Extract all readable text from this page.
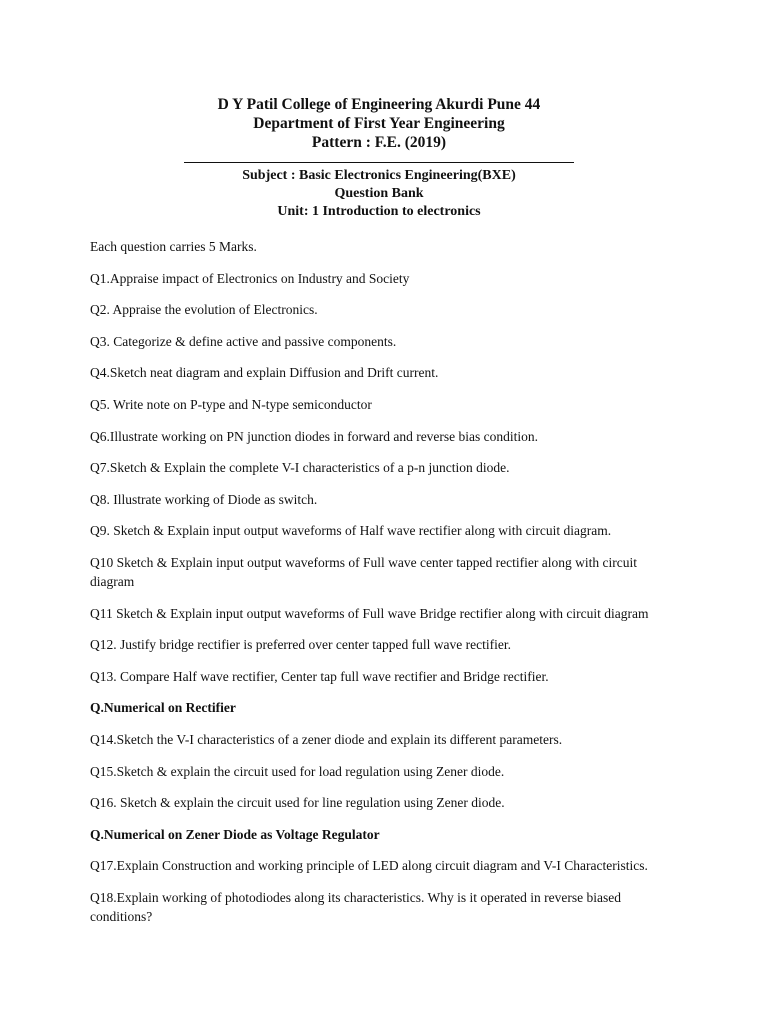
D Y Patil College of Engineering Akurdi Pune 44
Department of First Year Engineering
Pattern : F.E. (2019)
Subject : Basic Electronics Engineering(BXE)
Question Bank
Unit: 1 Introduction to electronics

Each question carries 5 Marks.

Q1.Appraise impact of Electronics on Industry and Society

Q2. Appraise the evolution of Electronics.

Q3. Categorize & define active and passive components.

Q4.Sketch neat diagram and explain Diffusion and Drift current.

Q5. Write note on P-type and N-type semiconductor

Q6.Illustrate working on PN junction diodes in forward and reverse bias condition.

Q7.Sketch & Explain the complete V-I characteristics of a p-n junction diode.

Q8. Illustrate working of Diode as switch.

Q9. Sketch & Explain input output waveforms of Half wave rectifier along with circuit diagram.

Q10 Sketch & Explain input output waveforms of Full wave center tapped rectifier along with circuit diagram

Q11 Sketch & Explain input output waveforms of Full wave Bridge rectifier along with circuit diagram

Q12. Justify bridge rectifier is preferred over center tapped full wave rectifier.

Q13. Compare Half wave rectifier, Center tap full wave rectifier and Bridge rectifier.

Q.Numerical on Rectifier

Q14.Sketch the V-I characteristics of a zener diode and explain its different parameters.

Q15.Sketch & explain the circuit used for load regulation using Zener diode.

Q16. Sketch & explain the circuit used for line regulation using Zener diode.

Q.Numerical on Zener Diode as Voltage Regulator

Q17.Explain Construction and working principle of LED along circuit diagram and V-I Characteristics.

Q18.Explain working of photodiodes along its characteristics. Why is it operated in reverse biased conditions?
